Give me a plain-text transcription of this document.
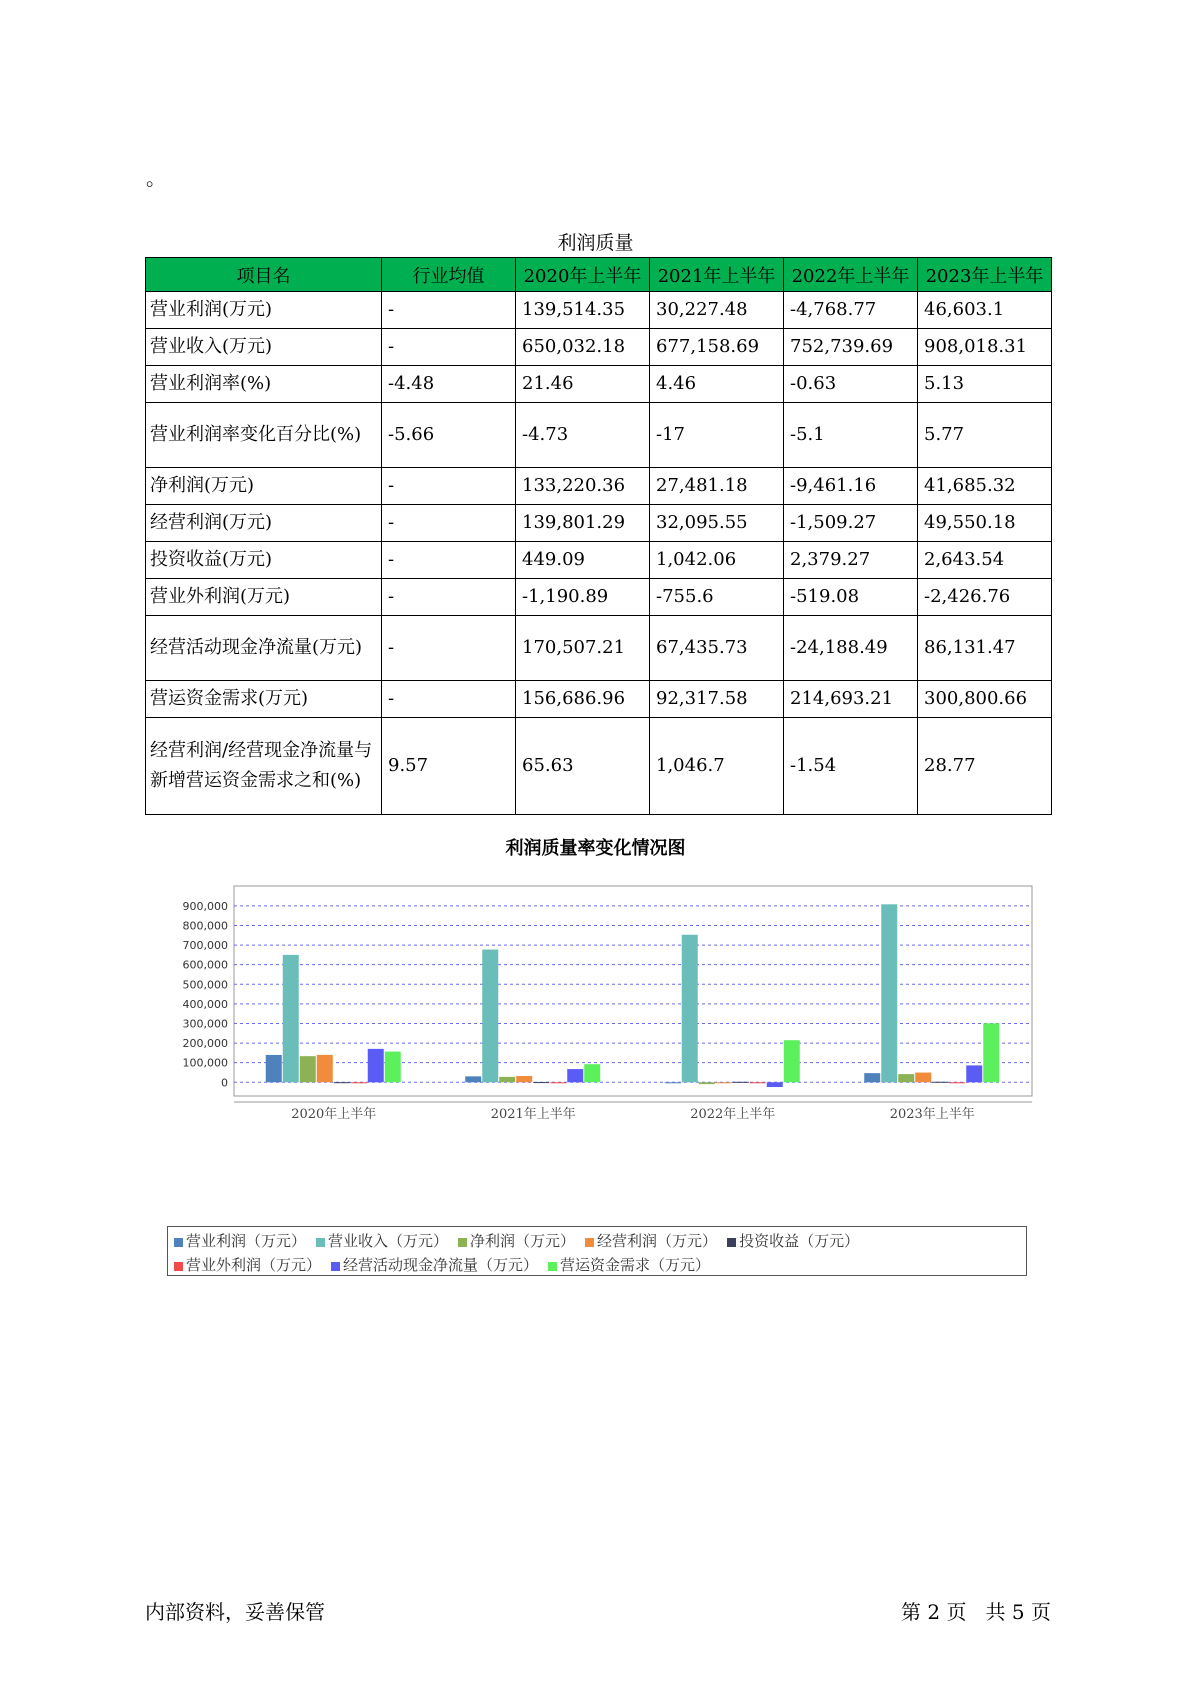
。
利润质量
项目名	行业均值	2020年上半年	2021年上半年	2022年上半年	2023年上半年
营业利润(万元)	-	139,514.35	30,227.48	-4,768.77	46,603.1
营业收入(万元)	-	650,032.18	677,158.69	752,739.69	908,018.31
营业利润率(%)	-4.48	21.46	4.46	-0.63	5.13
营业利润率变化百分比(%)	-5.66	-4.73	-17	-5.1	5.77
净利润(万元)	-	133,220.36	27,481.18	-9,461.16	41,685.32
经营利润(万元)	-	139,801.29	32,095.55	-1,509.27	49,550.18
投资收益(万元)	-	449.09	1,042.06	2,379.27	2,643.54
营业外利润(万元)	-	-1,190.89	-755.6	-519.08	-2,426.76
经营活动现金净流量(万元)	-	170,507.21	67,435.73	-24,188.49	86,131.47
营运资金需求(万元)	-	156,686.96	92,317.58	214,693.21	300,800.66
经营利润/经营现金净流量与新增营运资金需求之和(%)	9.57	65.63	1,046.7	-1.54	28.77
利润质量率变化情况图
0
100,000
200,000
300,000
400,000
500,000
600,000
700,000
800,000
900,000
2020年上半年	2021年上半年	2022年上半年	2023年上半年
营业利润（万元） 营业收入（万元） 净利润（万元） 经营利润（万元） 投资收益（万元）营业外利润（万元） 经营活动现金净流量（万元） 营运资金需求（万元）
内部资料，妥善保管	第 2 页   共 5 页
